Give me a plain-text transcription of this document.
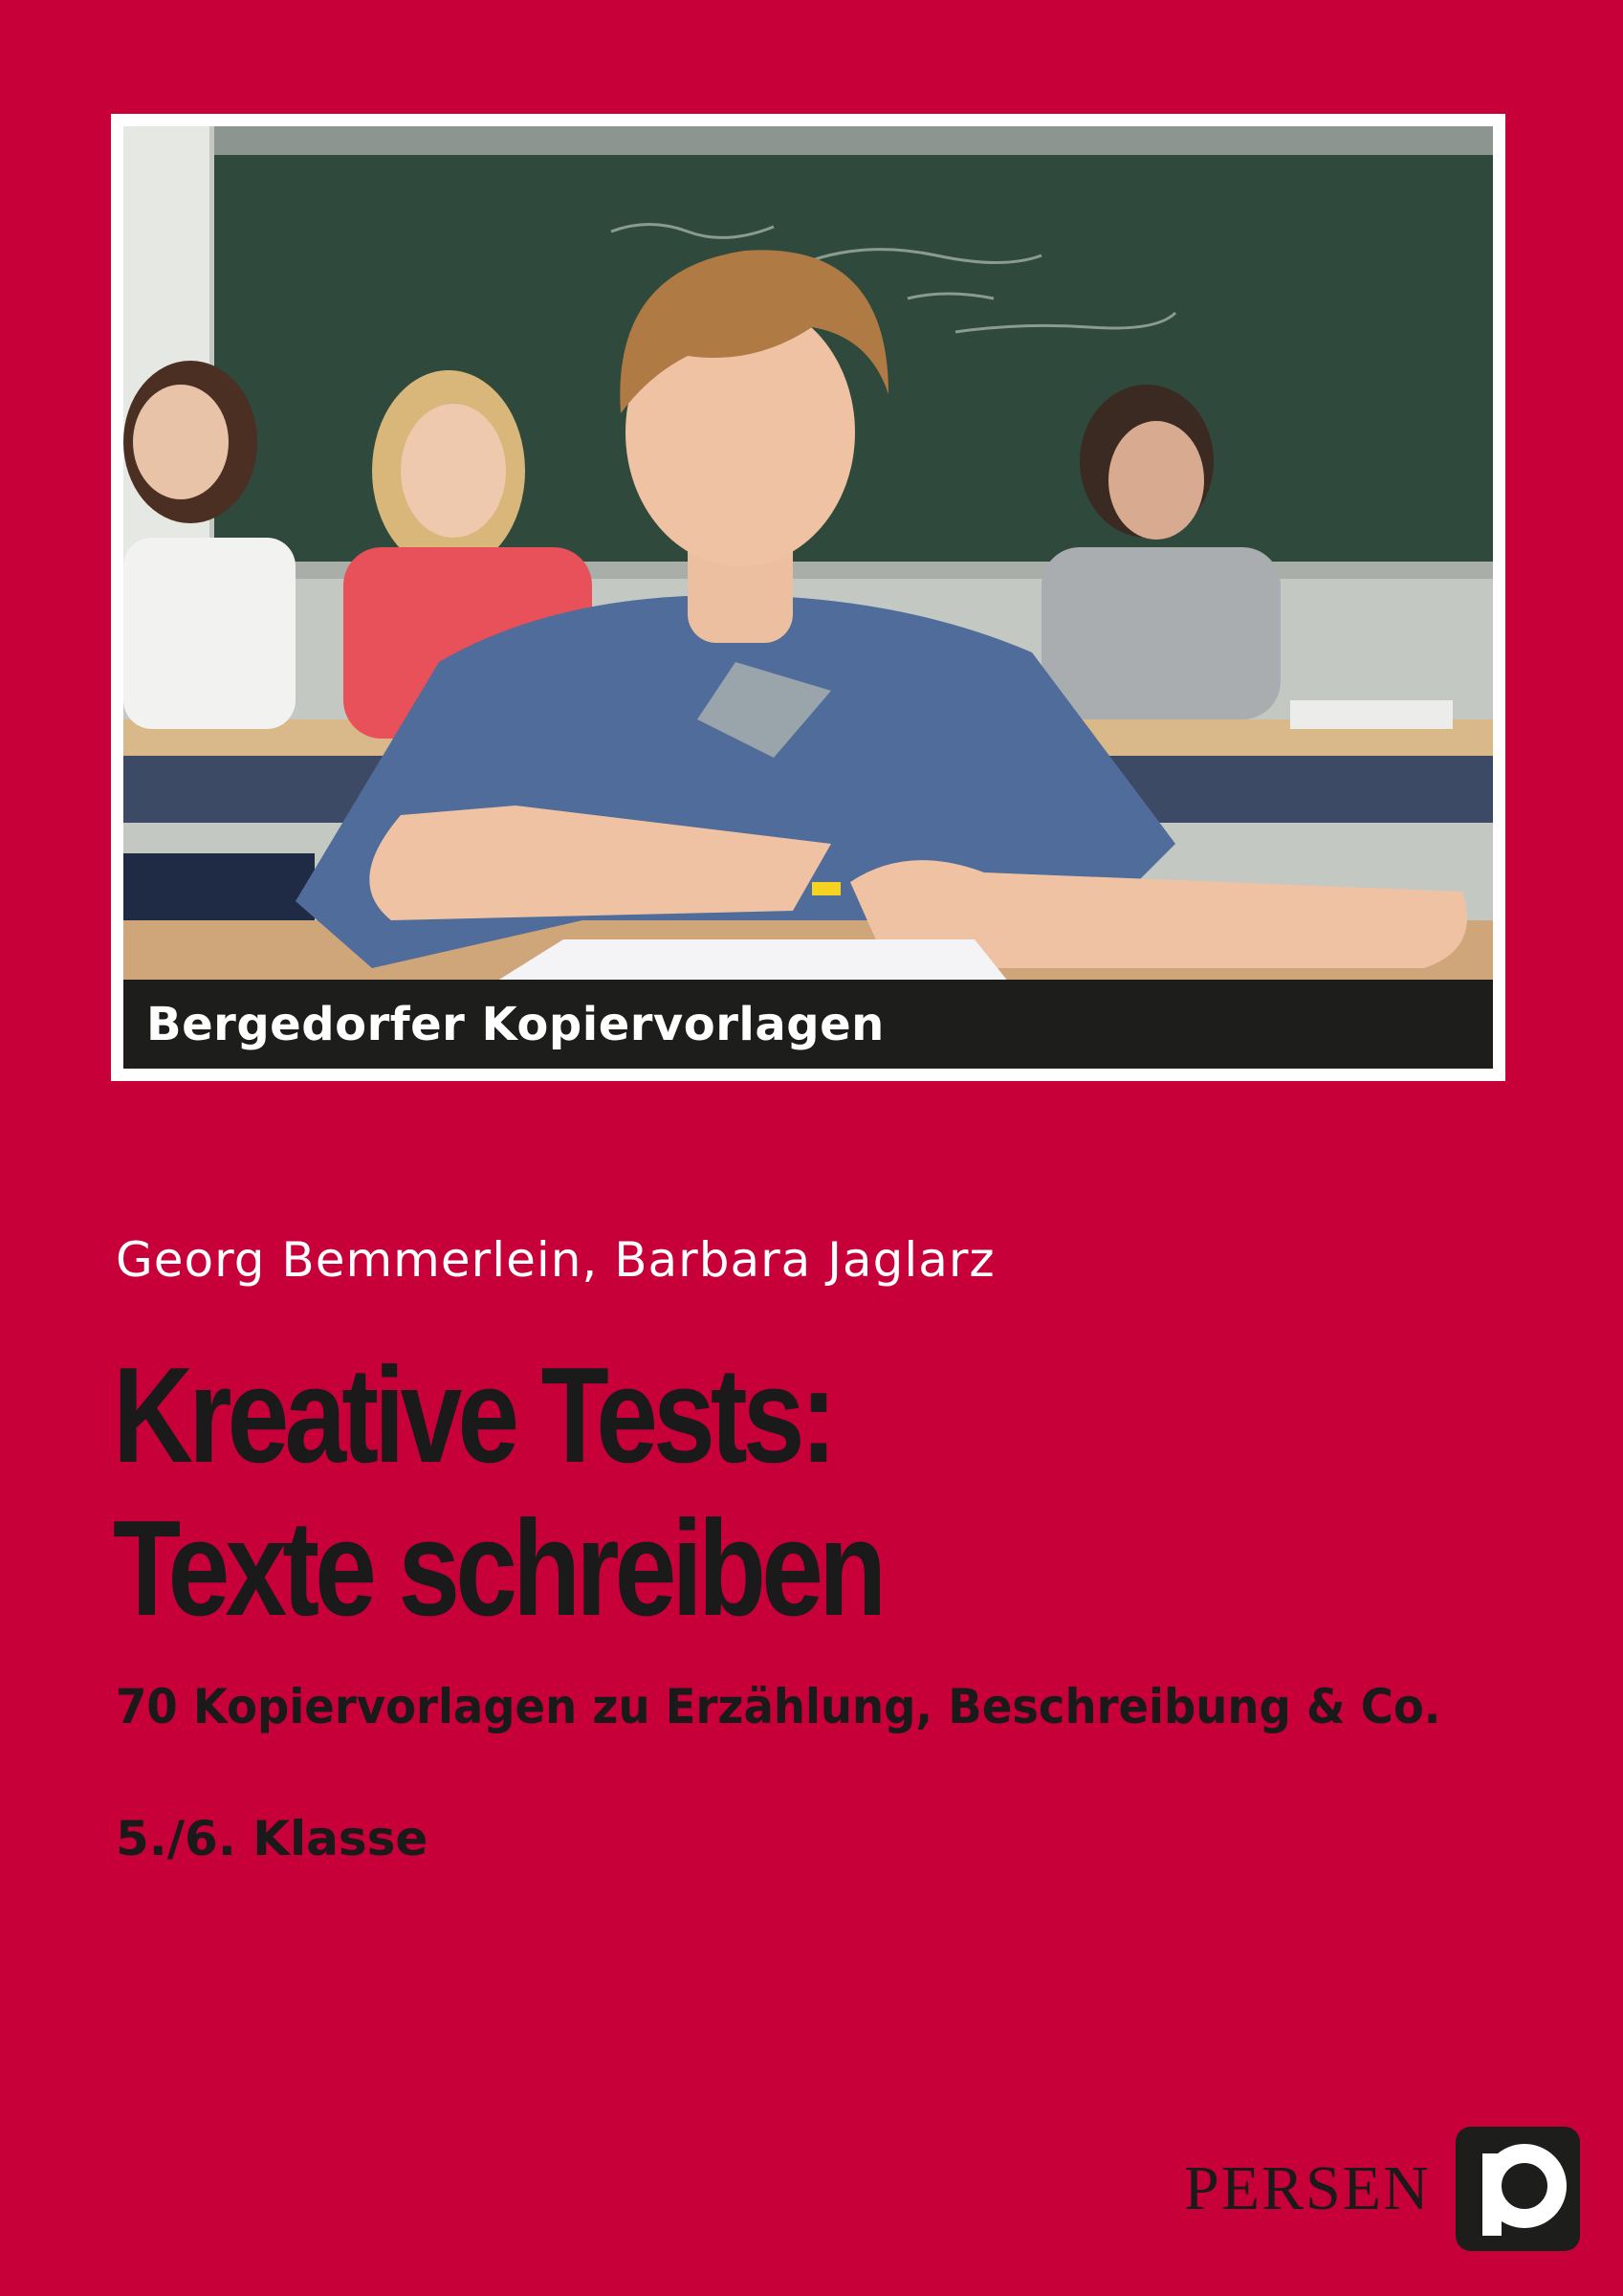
Bergedorfer Kopiervorlagen
Georg Bemmerlein, Barbara Jaglarz
Kreative Tests:
Texte schreiben
70 Kopiervorlagen zu Erzählung, Beschreibung & Co.
5./6. Klasse
PERSEN
